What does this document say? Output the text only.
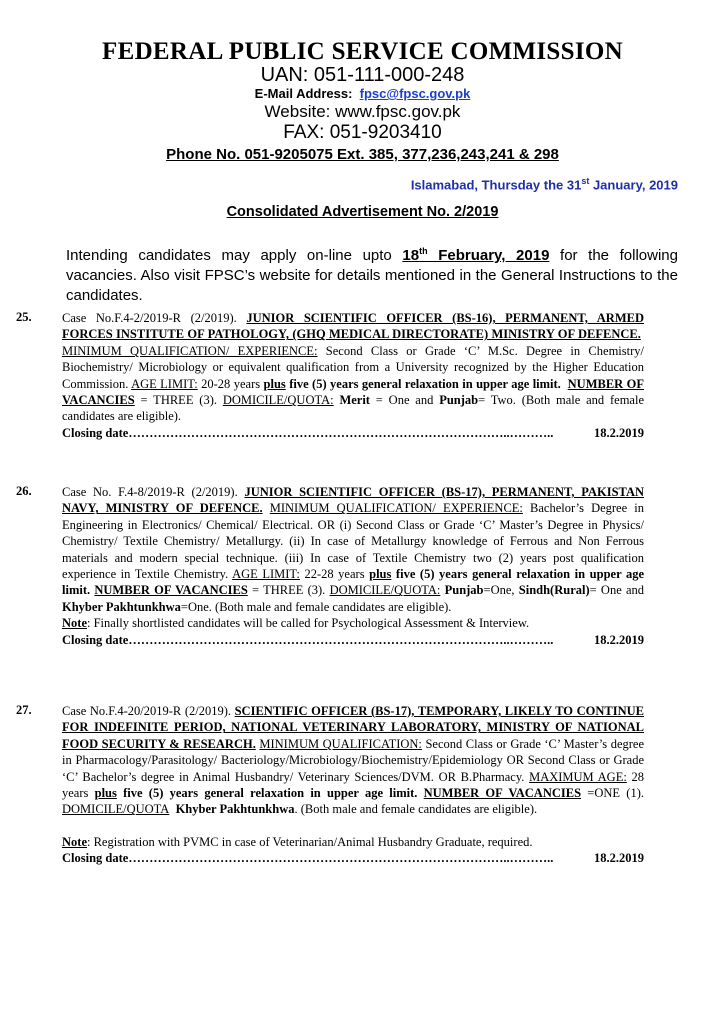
FEDERAL PUBLIC SERVICE COMMISSION
UAN: 051-111-000-248
E-Mail Address: fpsc@fpsc.gov.pk
Website: www.fpsc.gov.pk
FAX: 051-9203410
Phone No. 051-9205075 Ext. 385, 377,236,243,241 & 298
Islamabad, Thursday the 31st January, 2019
Consolidated Advertisement No. 2/2019
Intending candidates may apply on-line upto 18th February, 2019 for the following vacancies. Also visit FPSC’s website for details mentioned in the General Instructions to the candidates.
25. Case No.F.4-2/2019-R (2/2019). JUNIOR SCIENTIFIC OFFICER (BS-16), PERMANENT, ARMED FORCES INSTITUTE OF PATHOLOGY, (GHQ MEDICAL DIRECTORATE) MINISTRY OF DEFENCE.  MINIMUM QUALIFICATION/ EXPERIENCE: Second Class or Grade ‘C’ M.Sc. Degree in Chemistry/ Biochemistry/ Microbiology or equivalent qualification from a University recognized by the Higher Education Commission. AGE LIMIT: 20-28 years plus five (5) years general relaxation in upper age limit. NUMBER OF VACANCIES = THREE (3). DOMICILE/QUOTA: Merit = One and Punjab= Two. (Both male and female candidates are eligible).
Closing date ………………………………………………………………………………..………..	18.2.2019
26. Case No. F.4-8/2019-R (2/2019). JUNIOR SCIENTIFIC OFFICER (BS-17), PERMANENT, PAKISTAN NAVY, MINISTRY OF DEFENCE. MINIMUM QUALIFICATION/ EXPERIENCE: Bachelor’s Degree in Engineering in Electronics/ Chemical/ Electrical. OR (i) Second Class or Grade ‘C’ Master’s Degree in Physics/ Chemistry/ Textile Chemistry/ Metallurgy. (ii) In case of Metallurgy knowledge of Ferrous and Non Ferrous materials and modern special technique. (iii) In case of Textile Chemistry two (2) years post qualification experience in Textile Chemistry. AGE LIMIT: 22-28 years plus five (5) years general relaxation in upper age limit. NUMBER OF VACANCIES = THREE (3). DOMICILE/QUOTA: Punjab=One, Sindh(Rural)= One and Khyber Pakhtunkhwa=One. (Both male and female candidates are eligible).
Note: Finally shortlisted candidates will be called for Psychological Assessment & Interview.
Closing date ………………………………………………………………………………..………..	18.2.2019
27. Case No.F.4-20/2019-R (2/2019). SCIENTIFIC OFFICER (BS-17), TEMPORARY, LIKELY TO CONTINUE FOR INDEFINITE PERIOD, NATIONAL VETERINARY LABORATORY, MINISTRY OF NATIONAL FOOD SECURITY & RESEARCH. MINIMUM QUALIFICATION: Second Class or Grade ‘C’ Master’s degree in Pharmacology/Parasitology/ Bacteriology/Microbiology/Biochemistry/Epidemiology OR Second Class or Grade ‘C’ Bachelor’s degree in Animal Husbandry/ Veterinary Sciences/DVM. OR B.Pharmacy. MAXIMUM AGE: 28 years plus five (5) years general relaxation in upper age limit. NUMBER OF VACANCIES =ONE (1). DOMICILE/QUOTA Khyber Pakhtunkhwa. (Both male and female candidates are eligible).
Note: Registration with PVMC in case of Veterinarian/Animal Husbandry Graduate, required.
Closing date ………………………………………………………………………………..………..	18.2.2019
